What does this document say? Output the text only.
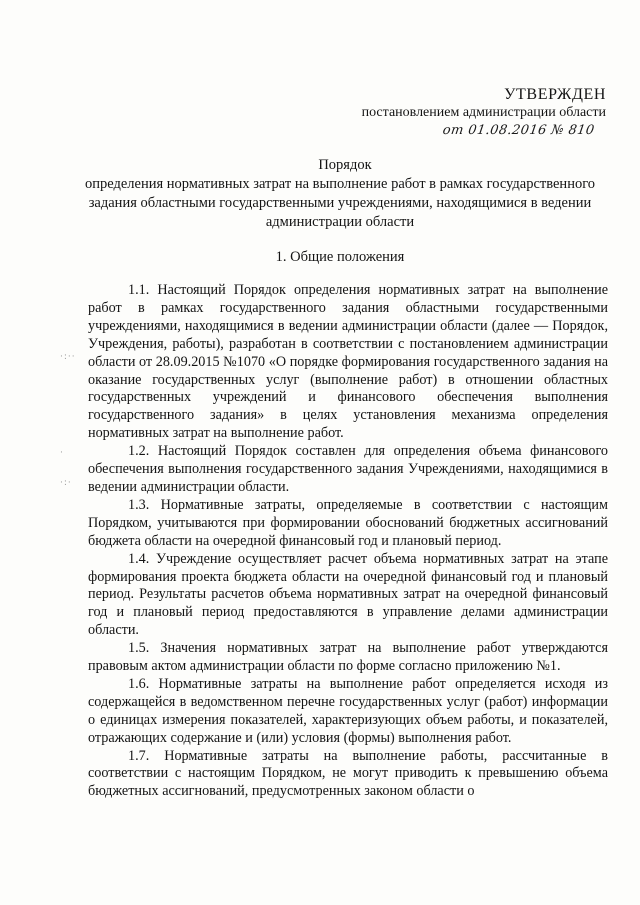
УТВЕРЖДЕН
постановлением администрации области
от 01.08.2016 № 810
Порядок
определения нормативных затрат на выполнение работ в рамках государственного задания областными государственными учреждениями, находящимися в ведении администрации области
1. Общие положения

1.1. Настоящий Порядок определения нормативных затрат на выполнение работ в рамках государственного задания областными государственными учреждениями, находящимися в ведении администрации области (далее — Порядок, Учреждения, работы), разработан в соответствии с постановлением администрации области от 28.09.2015 №1070 «О порядке формирования государственного задания на оказание государственных услуг (выполнение работ) в отношении областных государственных учреждений и финансового обеспечения выполнения государственного задания» в целях установления механизма определения нормативных затрат на выполнение работ.

1.2. Настоящий Порядок составлен для определения объема финансового обеспечения выполнения государственного задания Учреждениями, находящимися в ведении администрации области.

1.3. Нормативные затраты, определяемые в соответствии с настоящим Порядком, учитываются при формировании обоснований бюджетных ассигнований бюджета области на очередной финансовый год и плановый период.

1.4. Учреждение осуществляет расчет объема нормативных затрат на этапе формирования проекта бюджета области на очередной финансовый год и плановый период. Результаты расчетов объема нормативных затрат на очередной финансовый год и плановый период предоставляются в управление делами администрации области.

1.5. Значения нормативных затрат на выполнение работ утверждаются правовым актом администрации области по форме согласно приложению №1.

1.6. Нормативные затраты на выполнение работ определяется исходя из содержащейся в ведомственном перечне государственных услуг (работ) информации о единицах измерения показателей, характеризующих объем работы, и показателей, отражающих содержание и (или) условия (формы) выполнения работ.

1.7. Нормативные затраты на выполнение работы, рассчитанные в соответствии с настоящим Порядком, не могут приводить к превышению объема бюджетных ассигнований, предусмотренных законом области о

·:··
·
·:·
